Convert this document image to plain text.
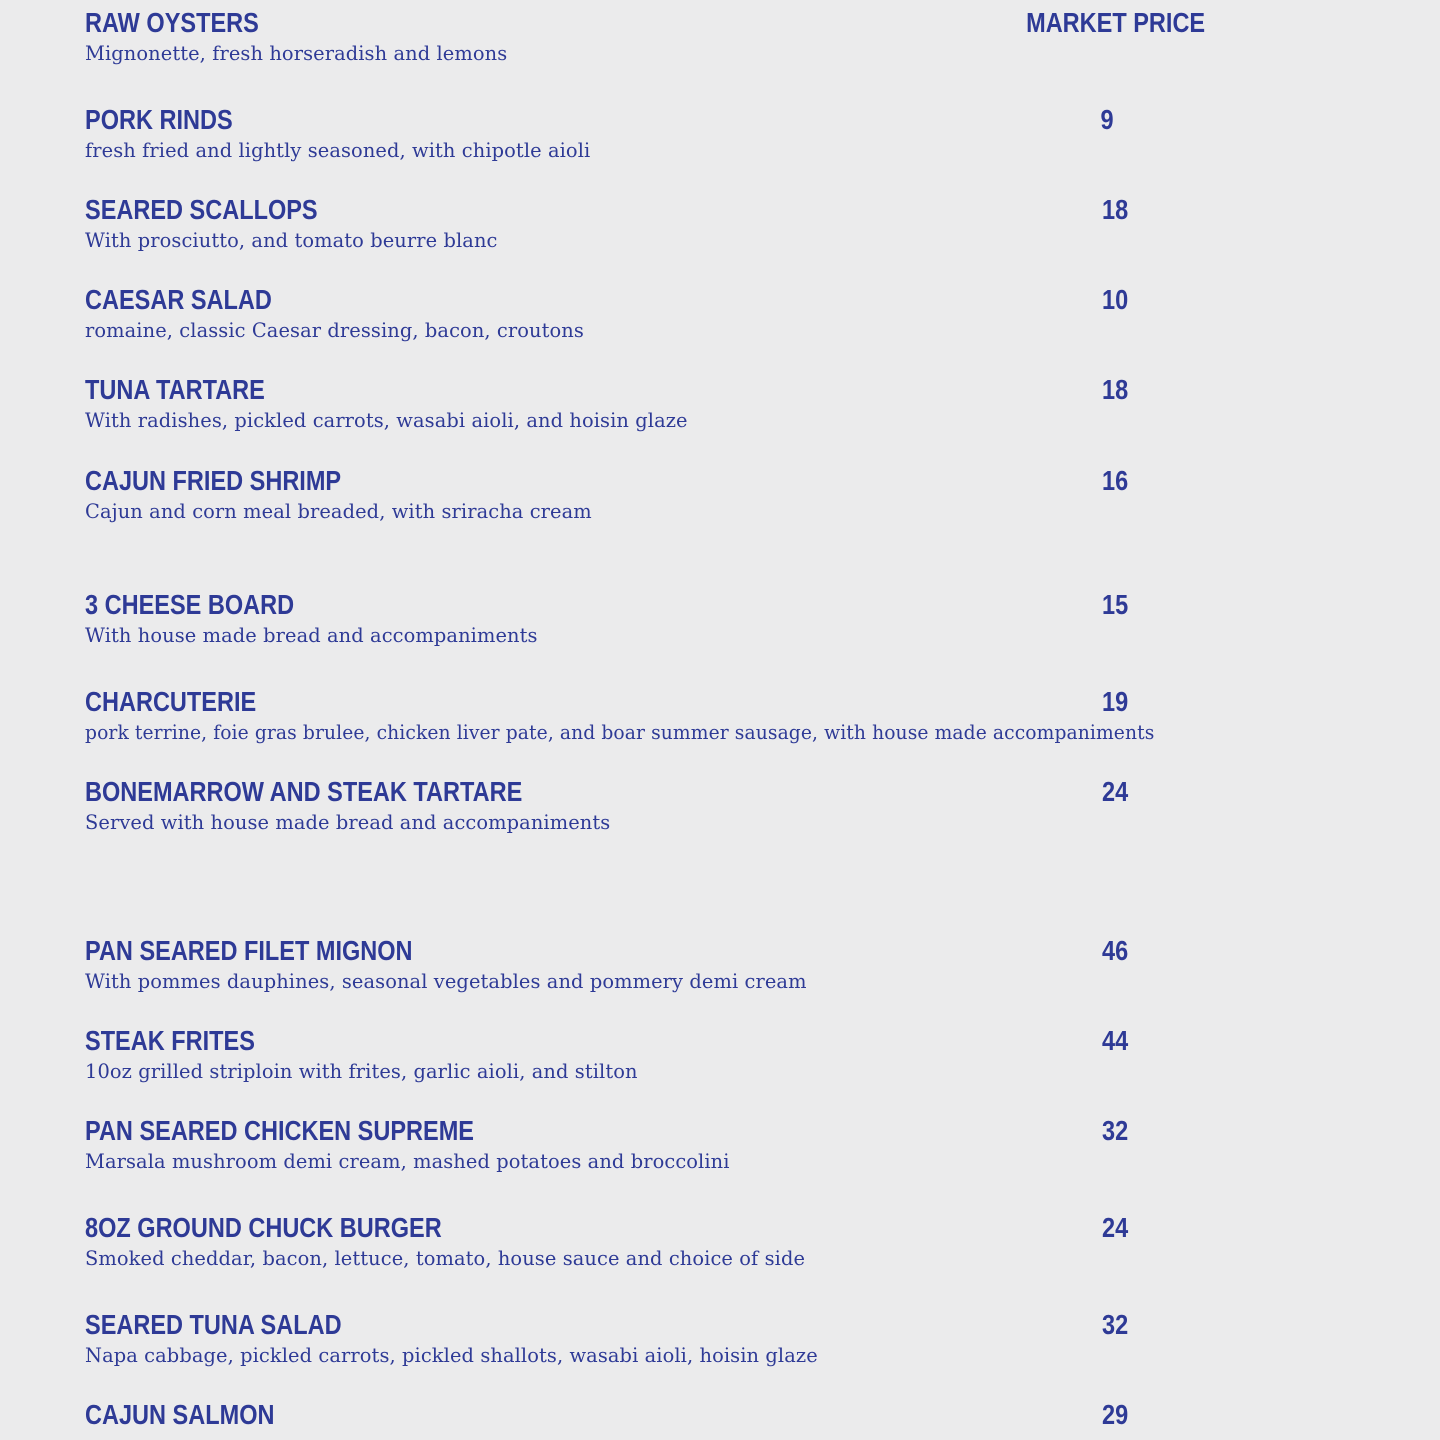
RAW OYSTERS	MARKET PRICE
Mignonette, fresh horseradish and lemons
PORK RINDS	9
fresh fried and lightly seasoned, with chipotle aioli
SEARED SCALLOPS	18
With prosciutto, and tomato beurre blanc
CAESAR SALAD	10
romaine, classic Caesar dressing, bacon, croutons
TUNA TARTARE	18
With radishes, pickled carrots, wasabi aioli, and hoisin glaze
CAJUN FRIED SHRIMP	16
Cajun and corn meal breaded, with sriracha cream
3 CHEESE BOARD	15
With house made bread and accompaniments
CHARCUTERIE	19
pork terrine, foie gras brulee, chicken liver pate, and boar summer sausage, with house made accompaniments
BONEMARROW AND STEAK TARTARE	24
Served with house made bread and accompaniments
PAN SEARED FILET MIGNON	46
With pommes dauphines, seasonal vegetables and pommery demi cream
STEAK FRITES	44
10oz grilled striploin with frites, garlic aioli, and stilton
PAN SEARED CHICKEN SUPREME	32
Marsala mushroom demi cream, mashed potatoes and broccolini
8OZ GROUND CHUCK BURGER	24
Smoked cheddar, bacon, lettuce, tomato, house sauce and choice of side
SEARED TUNA SALAD	32
Napa cabbage, pickled carrots, pickled shallots, wasabi aioli, hoisin glaze
CAJUN SALMON	29
